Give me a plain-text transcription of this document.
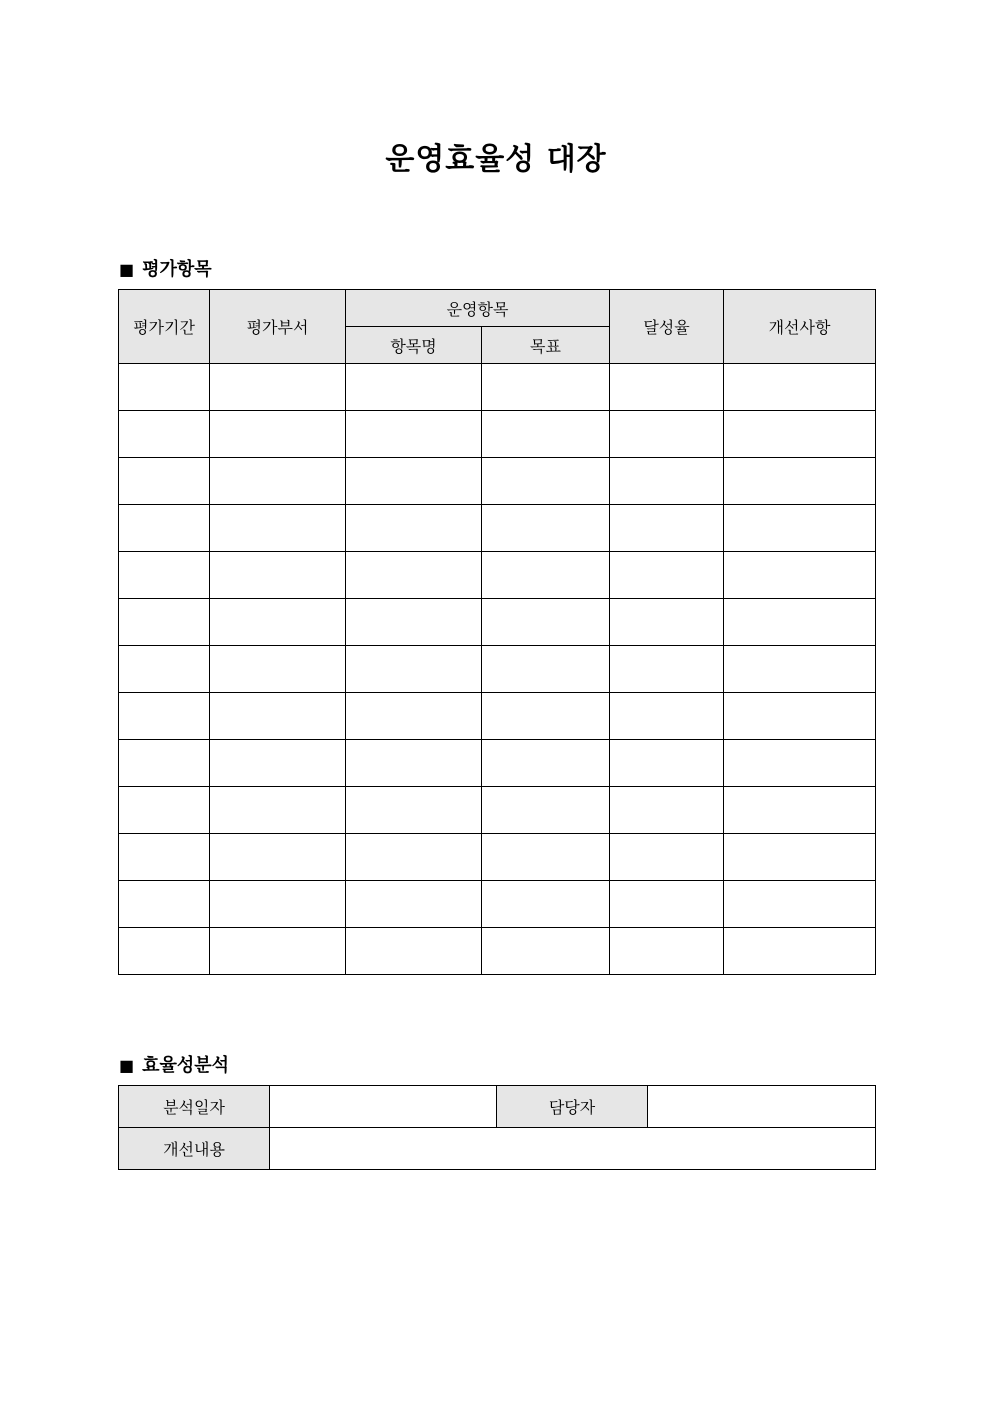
운영효율성 대장
■ 평가항목
평가기간	평가부서	운영항목		달성율	개선사항
		항목명	목표		

■ 효율성분석
분석일자		담당자	
개선내용			
